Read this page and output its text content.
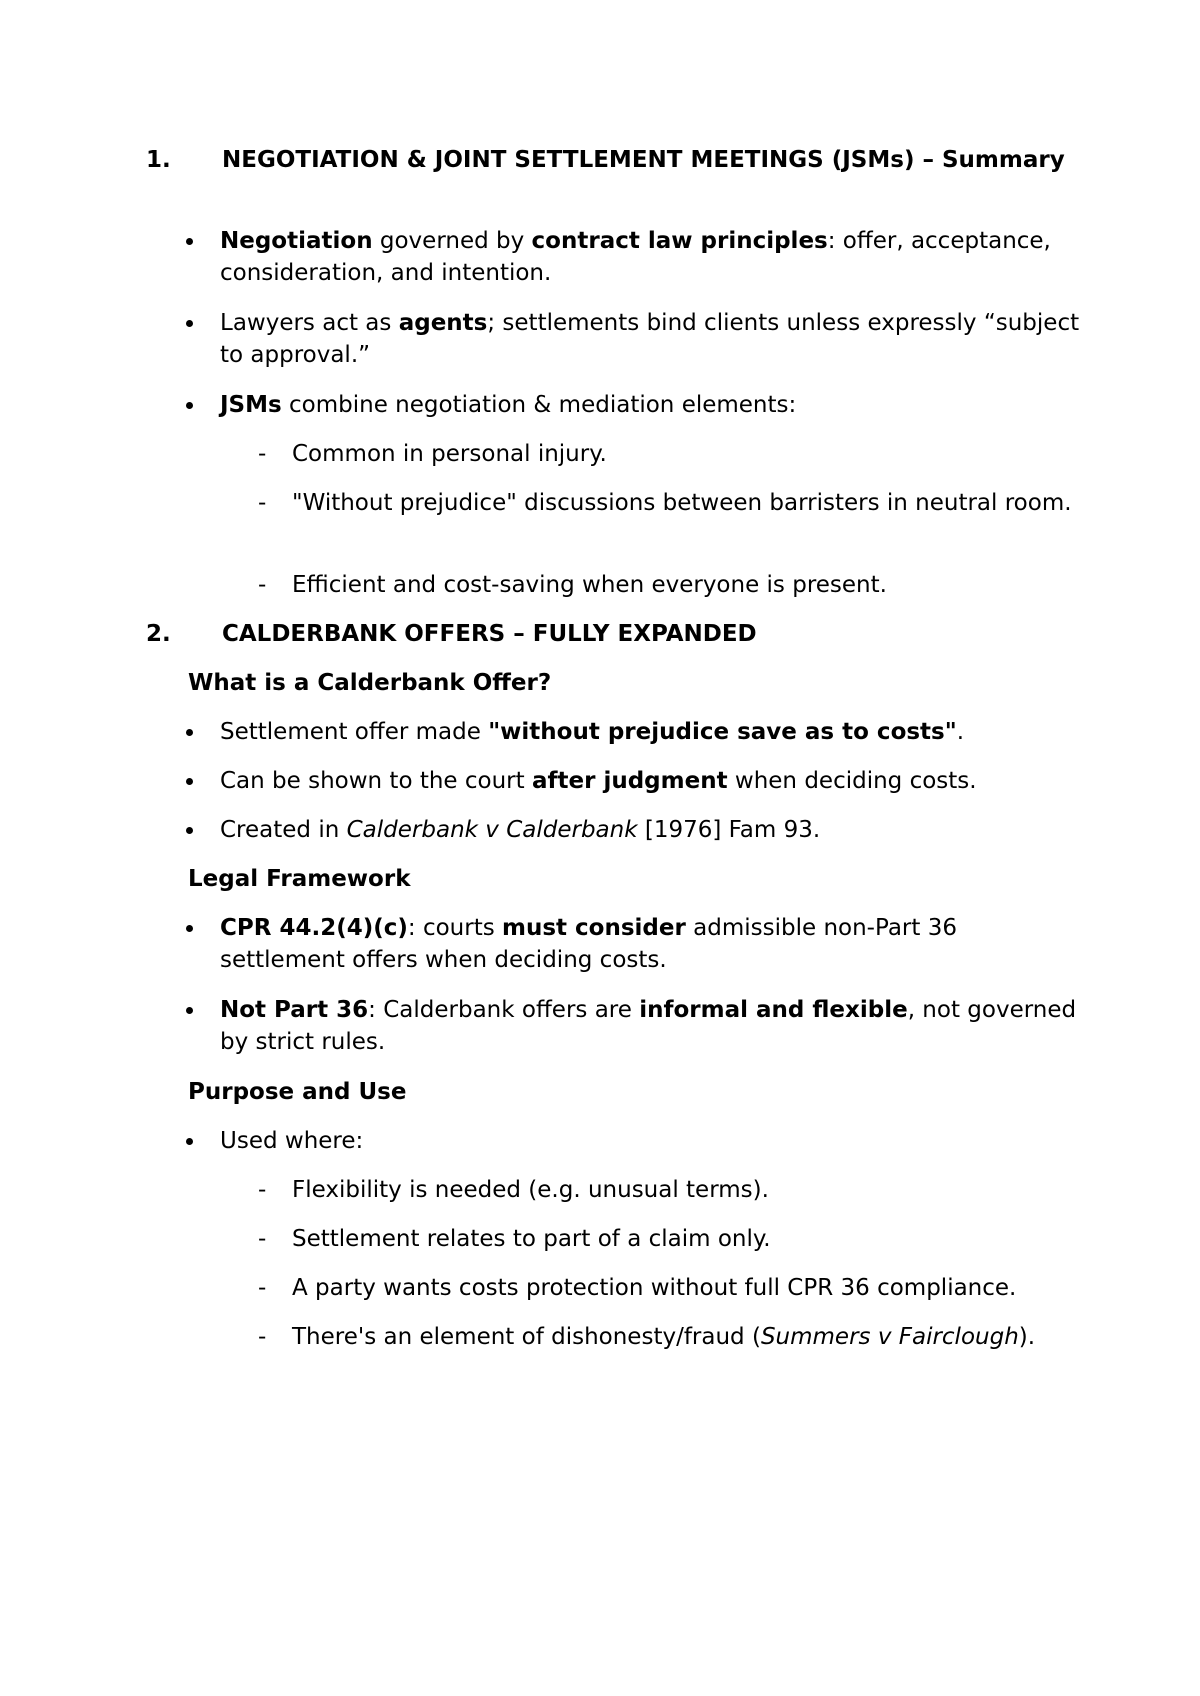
1. NEGOTIATION & JOINT SETTLEMENT MEETINGS (JSMs) – Summary
Negotiation governed by contract law principles: offer, acceptance, consideration, and intention.
Lawyers act as agents; settlements bind clients unless expressly “subject to approval.”
JSMs combine negotiation & mediation elements:
- Common in personal injury.
- "Without prejudice" discussions between barristers in neutral room.
- Efficient and cost-saving when everyone is present.
2. CALDERBANK OFFERS – FULLY EXPANDED
What is a Calderbank Offer?
Settlement offer made "without prejudice save as to costs".
Can be shown to the court after judgment when deciding costs.
Created in Calderbank v Calderbank [1976] Fam 93.
Legal Framework
CPR 44.2(4)(c): courts must consider admissible non-Part 36 settlement offers when deciding costs.
Not Part 36: Calderbank offers are informal and flexible, not governed by strict rules.
Purpose and Use
Used where:
- Flexibility is needed (e.g. unusual terms).
- Settlement relates to part of a claim only.
- A party wants costs protection without full CPR 36 compliance.
- There's an element of dishonesty/fraud (Summers v Fairclough).
